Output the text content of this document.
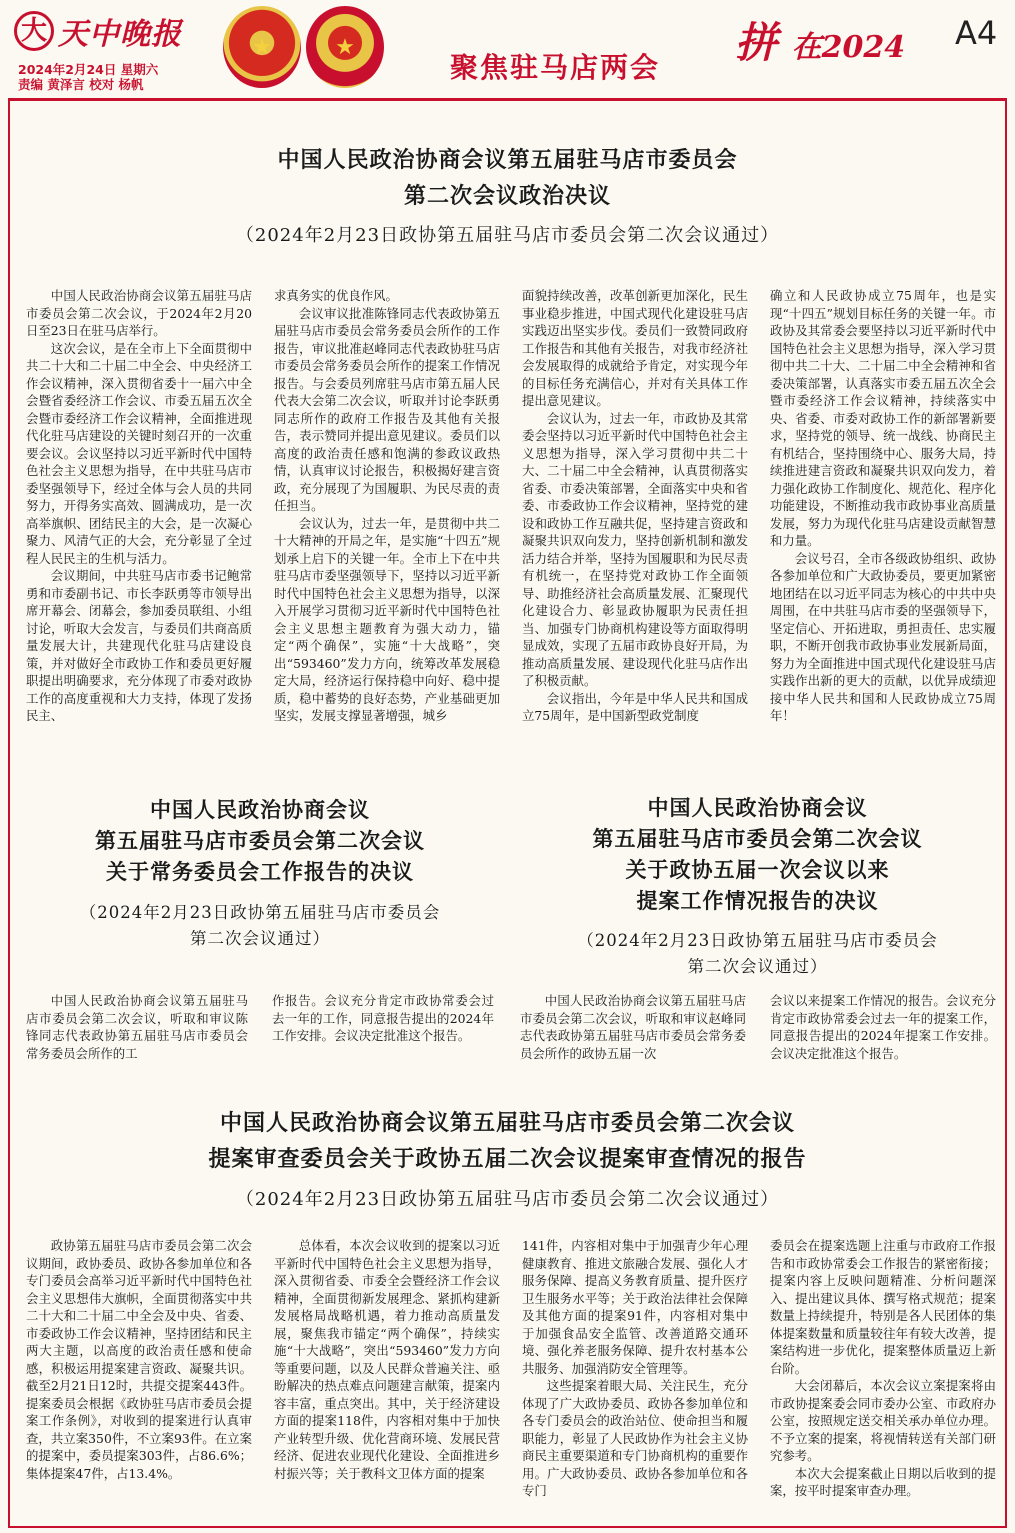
大 天中晚报
2024年2月24日 星期六
责编 黄泽言 校对 杨帆
★	★
聚焦驻马店两会
拼 在2024 A4
中国人民政治协商会议第五届驻马店市委员会
第二次会议政治决议
（2024年2月23日政协第五届驻马店市委员会第二次会议通过）

中国人民政治协商会议第五届驻马店市委员会第二次会议，于2024年2月20日至23日在驻马店举行。

这次会议，是在全市上下全面贯彻中共二十大和二十届二中全会、中央经济工作会议精神，深入贯彻省委十一届六中全会暨省委经济工作会议、市委五届五次全会暨市委经济工作会议精神，全面推进现代化驻马店建设的关键时刻召开的一次重要会议。会议坚持以习近平新时代中国特色社会主义思想为指导，在中共驻马店市委坚强领导下，经过全体与会人员的共同努力，开得务实高效、圆满成功，是一次高举旗帜、团结民主的大会，是一次凝心聚力、风清气正的大会，充分彰显了全过程人民民主的生机与活力。

会议期间，中共驻马店市委书记鲍常勇和市委副书记、市长李跃勇等市领导出席开幕会、闭幕会，参加委员联组、小组讨论，听取大会发言，与委员们共商高质量发展大计，共建现代化驻马店建设良策，并对做好全市政协工作和委员更好履职提出明确要求，充分体现了市委对政协工作的高度重视和大力支持，体现了发扬民主、

求真务实的优良作风。

会议审议批准陈锋同志代表政协第五届驻马店市委员会常务委员会所作的工作报告，审议批准赵峰同志代表政协驻马店市委员会常务委员会所作的提案工作情况报告。与会委员列席驻马店市第五届人民代表大会第二次会议，听取并讨论李跃勇同志所作的政府工作报告及其他有关报告，表示赞同并提出意见建议。委员们以高度的政治责任感和饱满的参政议政热情，认真审议讨论报告，积极揭好建言资政，充分展现了为国履职、为民尽责的责任担当。

会议认为，过去一年，是贯彻中共二十大精神的开局之年，是实施“十四五”规划承上启下的关键一年。全市上下在中共驻马店市委坚强领导下，坚持以习近平新时代中国特色社会主义思想为指导，以深入开展学习贯彻习近平新时代中国特色社会主义思想主题教育为强大动力，锚定“两个确保”，实施“十大战略”，突出“593460”发力方向，统筹改革发展稳定大局，经济运行保持稳中向好、稳中提质，稳中蓄势的良好态势，产业基础更加坚实，发展支撑显著增强，城乡

面貌持续改善，改革创新更加深化，民生事业稳步推进，中国式现代化建设驻马店实践迈出坚实步伐。委员们一致赞同政府工作报告和其他有关报告，对我市经济社会发展取得的成就给予肯定，对实现今年的目标任务充满信心，并对有关具体工作提出意见建议。

会议认为，过去一年，市政协及其常委会坚持以习近平新时代中国特色社会主义思想为指导，深入学习贯彻中共二十大、二十届二中全会精神，认真贯彻落实省委、市委决策部署，全面落实中央和省委、市委政协工作会议精神，坚持党的建设和政协工作互融共促，坚持建言资政和凝聚共识双向发力，坚持创新机制和激发活力结合并举，坚持为国履职和为民尽责有机统一，在坚持党对政协工作全面领导、助推经济社会高质量发展、汇聚现代化建设合力、彰显政协履职为民责任担当、加强专门协商机构建设等方面取得明显成效，实现了五届市政协良好开局，为推动高质量发展、建设现代化驻马店作出了积极贡献。

会议指出，今年是中华人民共和国成立75周年，是中国新型政党制度

确立和人民政协成立75周年，也是实现“十四五”规划目标任务的关键一年。市政协及其常委会要坚持以习近平新时代中国特色社会主义思想为指导，深入学习贯彻中共二十大、二十届二中全会精神和省委决策部署，认真落实市委五届五次全会暨市委经济工作会议精神，持续落实中央、省委、市委对政协工作的新部署新要求，坚持党的领导、统一战线、协商民主有机结合，坚持围绕中心、服务大局，持续推进建言资政和凝聚共识双向发力，着力强化政协工作制度化、规范化、程序化功能建设，不断推动我市政协事业高质量发展，努力为现代化驻马店建设贡献智慧和力量。

会议号召，全市各级政协组织、政协各参加单位和广大政协委员，要更加紧密地团结在以习近平同志为核心的中共中央周围，在中共驻马店市委的坚强领导下，坚定信心、开拓进取，勇担责任、忠实履职，不断开创我市政协事业发展新局面，努力为全面推进中国式现代化建设驻马店实践作出新的更大的贡献，以优异成绩迎接中华人民共和国和人民政协成立75周年！

中国人民政治协商会议
第五届驻马店市委员会第二次会议
关于常务委员会工作报告的决议
（2024年2月23日政协第五届驻马店市委员会
第二次会议通过）

中国人民政治协商会议第五届驻马店市委员会第二次会议，听取和审议陈锋同志代表政协第五届驻马店市委员会常务委员会所作的工

作报告。会议充分肯定市政协常委会过去一年的工作，同意报告提出的2024年工作安排。会议决定批准这个报告。

中国人民政治协商会议
第五届驻马店市委员会第二次会议
关于政协五届一次会议以来
提案工作情况报告的决议
（2024年2月23日政协第五届驻马店市委员会
第二次会议通过）

中国人民政治协商会议第五届驻马店市委员会第二次会议，听取和审议赵峰同志代表政协第五届驻马店市委员会常务委员会所作的政协五届一次

会议以来提案工作情况的报告。会议充分肯定市政协常委会过去一年的提案工作，同意报告提出的2024年提案工作安排。会议决定批准这个报告。

中国人民政治协商会议第五届驻马店市委员会第二次会议
提案审查委员会关于政协五届二次会议提案审查情况的报告
（2024年2月23日政协第五届驻马店市委员会第二次会议通过）

政协第五届驻马店市委员会第二次会议期间，政协委员、政协各参加单位和各专门委员会高举习近平新时代中国特色社会主义思想伟大旗帜，全面贯彻落实中共二十大和二十届二中全会及中央、省委、市委政协工作会议精神，坚持团结和民主两大主题，以高度的政治责任感和使命感，积极运用提案建言资政、凝聚共识。截至2月21日12时，共提交提案443件。提案委员会根据《政协驻马店市委员会提案工作条例》，对收到的提案进行认真审查，共立案350件，不立案93件。在立案的提案中，委员提案303件，占86.6%；集体提案47件，占13.4%。

总体看，本次会议收到的提案以习近平新时代中国特色社会主义思想为指导，深入贯彻省委、市委全会暨经济工作会议精神，全面贯彻新发展理念、紧抓构建新发展格局战略机遇，着力推动高质量发展，聚焦我市锚定“两个确保”，持续实施“十大战略”，突出“593460”发力方向等重要问题，以及人民群众普遍关注、亟盼解决的热点难点问题建言献策，提案内容丰富，重点突出。其中，关于经济建设方面的提案118件，内容相对集中于加快产业转型升级、优化营商环境、发展民营经济、促进农业现代化建设、全面推进乡村振兴等；关于教科文卫体方面的提案

141件，内容相对集中于加强青少年心理健康教育、推进文旅融合发展、强化人才服务保障、提高义务教育质量、提升医疗卫生服务水平等；关于政治法律社会保障及其他方面的提案91件，内容相对集中于加强食品安全监管、改善道路交通环境、强化养老服务保障、提升农村基本公共服务、加强消防安全管理等。

这些提案着眼大局、关注民生，充分体现了广大政协委员、政协各参加单位和各专门委员会的政治站位、使命担当和履职能力，彰显了人民政协作为社会主义协商民主重要渠道和专门协商机构的重要作用。广大政协委员、政协各参加单位和各专门

委员会在提案选题上注重与市政府工作报告和市政协常委会工作报告的紧密衔接；提案内容上反映问题精准、分析问题深入、提出建议具体、撰写格式规范；提案数量上持续提升，特别是各人民团体的集体提案数量和质量较往年有较大改善，提案结构进一步优化，提案整体质量迈上新台阶。

大会闭幕后，本次会议立案提案将由市政协提案委会同市委办公室、市政府办公室，按照规定送交相关承办单位办理。不予立案的提案，将视情转送有关部门研究参考。

本次大会提案截止日期以后收到的提案，按平时提案审查办理。
